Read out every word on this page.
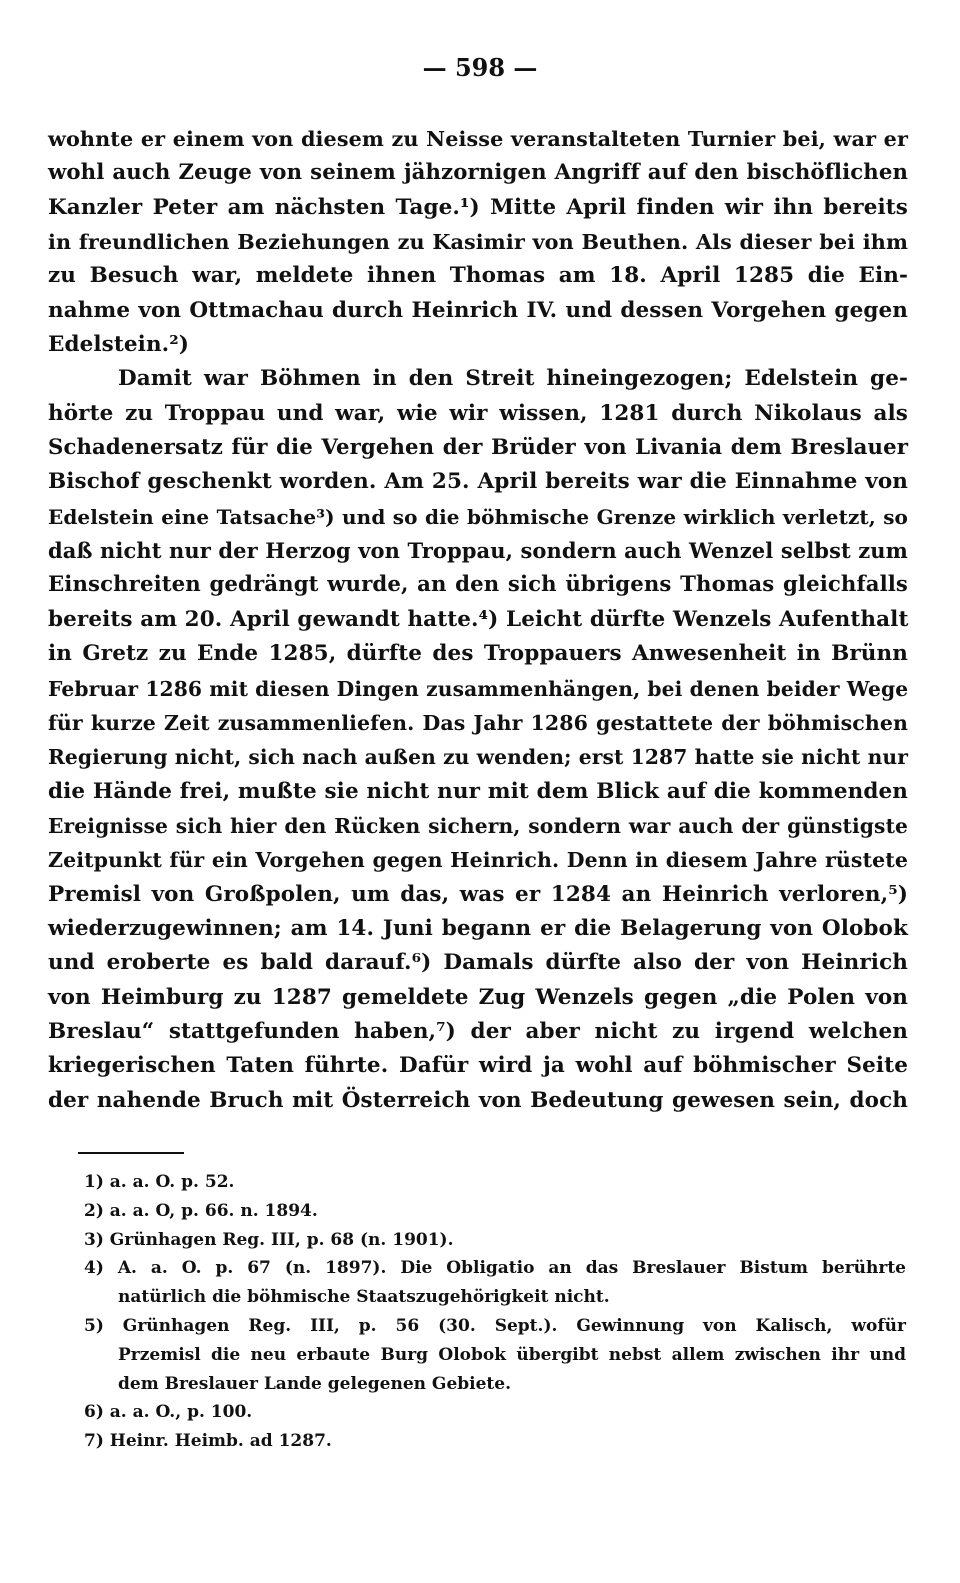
— 598 —
wohnte er einem von diesem zu Neisse veranstalteten Turnier bei, war er
wohl auch Zeuge von seinem jähzornigen Angriff auf den bischöflichen
Kanzler Peter am nächsten Tage.¹) Mitte April finden wir ihn bereits
in freundlichen Beziehungen zu Kasimir von Beuthen. Als dieser bei ihm
zu Besuch war, meldete ihnen Thomas am 18. April 1285 die Ein-
nahme von Ottmachau durch Heinrich IV. und dessen Vorgehen gegen
Edelstein.²)
Damit war Böhmen in den Streit hineingezogen; Edelstein ge-
hörte zu Troppau und war, wie wir wissen, 1281 durch Nikolaus als
Schadenersatz für die Vergehen der Brüder von Livania dem Breslauer
Bischof geschenkt worden. Am 25. April bereits war die Einnahme von
Edelstein eine Tatsache³) und so die böhmische Grenze wirklich verletzt, so
daß nicht nur der Herzog von Troppau, sondern auch Wenzel selbst zum
Einschreiten gedrängt wurde, an den sich übrigens Thomas gleichfalls
bereits am 20. April gewandt hatte.⁴) Leicht dürfte Wenzels Aufenthalt
in Gretz zu Ende 1285, dürfte des Troppauers Anwesenheit in Brünn
Februar 1286 mit diesen Dingen zusammenhängen, bei denen beider Wege
für kurze Zeit zusammenliefen. Das Jahr 1286 gestattete der böhmischen
Regierung nicht, sich nach außen zu wenden; erst 1287 hatte sie nicht nur
die Hände frei, mußte sie nicht nur mit dem Blick auf die kommenden
Ereignisse sich hier den Rücken sichern, sondern war auch der günstigste
Zeitpunkt für ein Vorgehen gegen Heinrich. Denn in diesem Jahre rüstete
Premisl von Großpolen, um das, was er 1284 an Heinrich verloren,⁵)
wiederzugewinnen; am 14. Juni begann er die Belagerung von Olobok
und eroberte es bald darauf.⁶) Damals dürfte also der von Heinrich
von Heimburg zu 1287 gemeldete Zug Wenzels gegen „die Polen von
Breslau“ stattgefunden haben,⁷) der aber nicht zu irgend welchen
kriegerischen Taten führte. Dafür wird ja wohl auf böhmischer Seite
der nahende Bruch mit Österreich von Bedeutung gewesen sein, doch
1) a. a. O. p. 52.
2) a. a. O, p. 66. n. 1894.
3) Grünhagen Reg. III, p. 68 (n. 1901).
4) A. a. O. p. 67 (n. 1897). Die Obligatio an das Breslauer Bistum berührte
natürlich die böhmische Staatszugehörigkeit nicht.
5) Grünhagen Reg. III, p. 56 (30. Sept.). Gewinnung von Kalisch, wofür
Przemisl die neu erbaute Burg Olobok übergibt nebst allem zwischen ihr und
dem Breslauer Lande gelegenen Gebiete.
6) a. a. O., p. 100.
7) Heinr. Heimb. ad 1287.
